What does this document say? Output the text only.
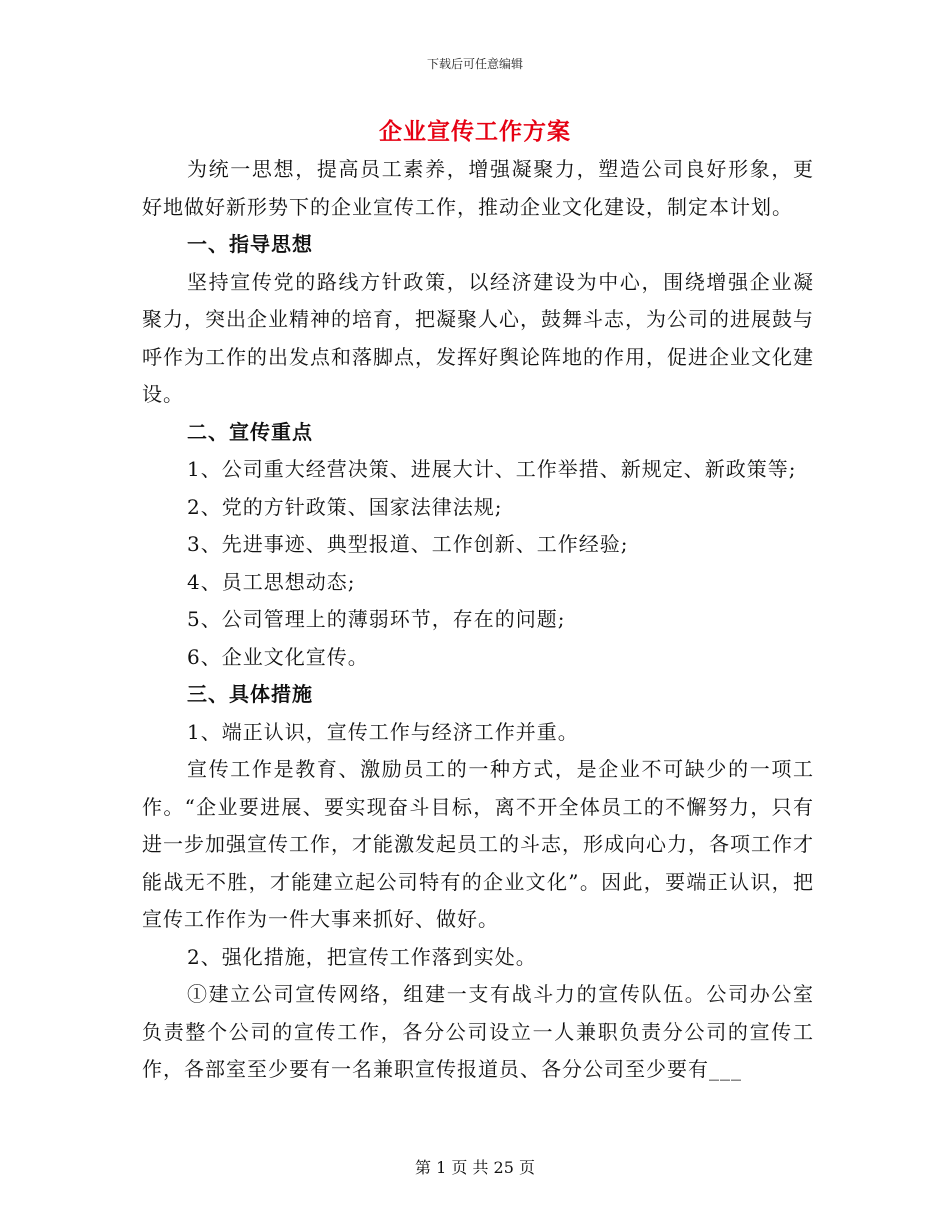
下载后可任意编辑
企业宣传工作方案

为统一思想，提高员工素养，增强凝聚力，塑造公司良好形象，更好地做好新形势下的企业宣传工作，推动企业文化建设，制定本计划。

一、指导思想

坚持宣传党的路线方针政策，以经济建设为中心，围绕增强企业凝聚力，突出企业精神的培育，把凝聚人心，鼓舞斗志，为公司的进展鼓与呼作为工作的出发点和落脚点，发挥好舆论阵地的作用，促进企业文化建设。

二、宣传重点

1、公司重大经营决策、进展大计、工作举措、新规定、新政策等;

2、党的方针政策、国家法律法规;

3、先进事迹、典型报道、工作创新、工作经验;

4、员工思想动态;

5、公司管理上的薄弱环节，存在的问题;

6、企业文化宣传。

三、具体措施

1、端正认识，宣传工作与经济工作并重。

宣传工作是教育、激励员工的一种方式，是企业不可缺少的一项工作。“企业要进展、要实现奋斗目标，离不开全体员工的不懈努力，只有进一步加强宣传工作，才能激发起员工的斗志，形成向心力，各项工作才能战无不胜，才能建立起公司特有的企业文化”。因此，要端正认识，把宣传工作作为一件大事来抓好、做好。

2、强化措施，把宣传工作落到实处。

①建立公司宣传网络，组建一支有战斗力的宣传队伍。公司办公室负责整个公司的宣传工作，各分公司设立一人兼职负责分公司的宣传工作，各部室至少要有一名兼职宣传报道员、各分公司至少要有___

第 1 页 共 25 页
